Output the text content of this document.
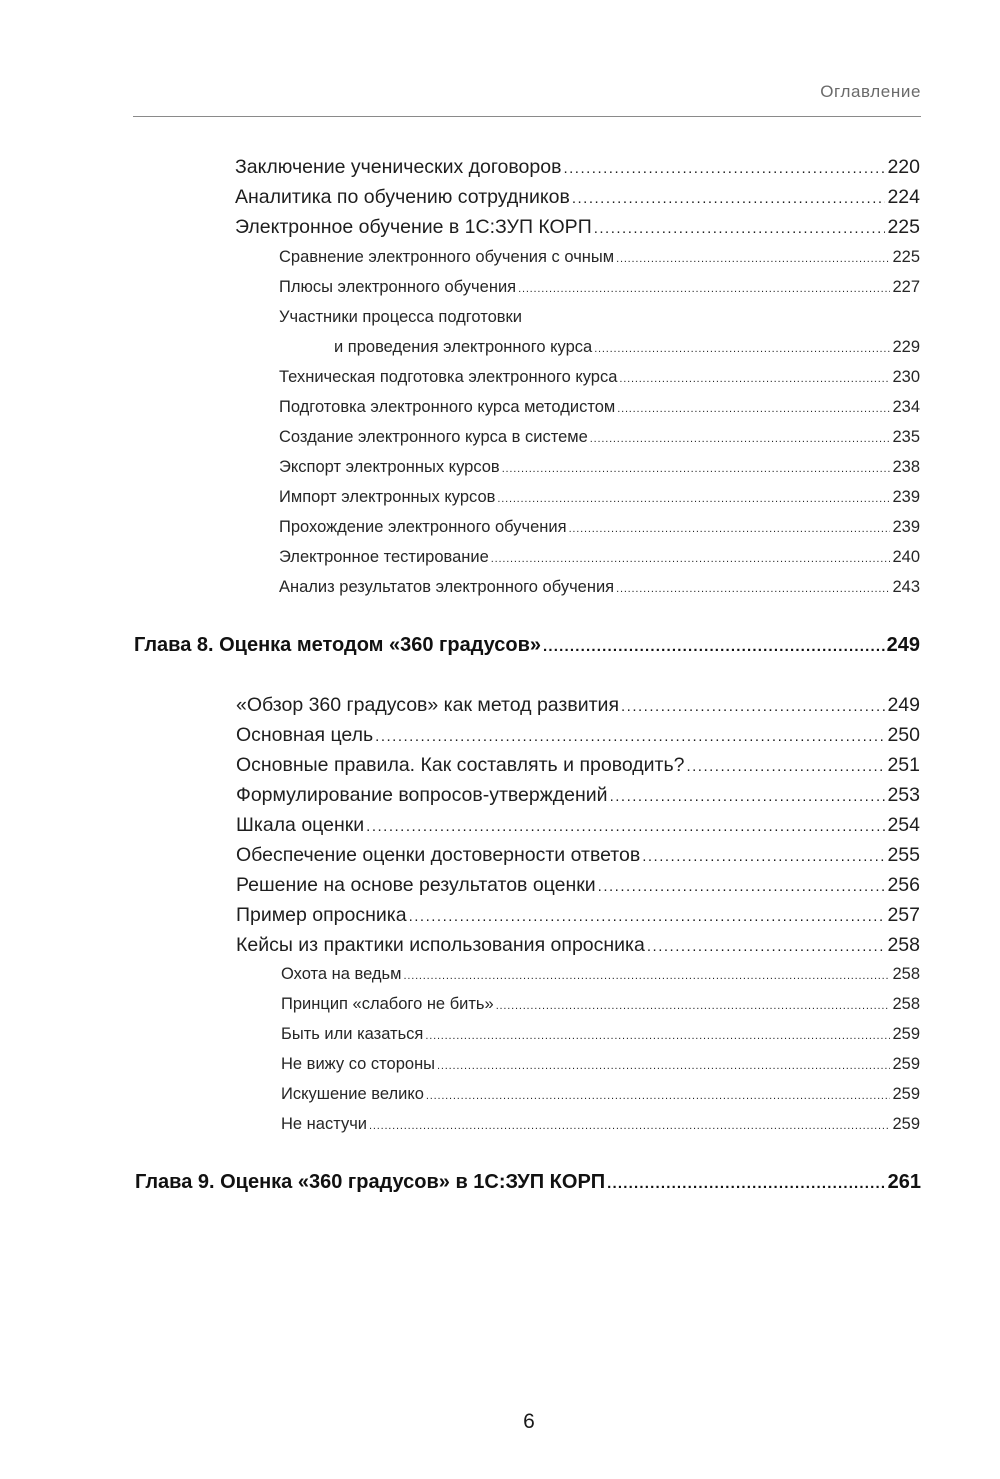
Оглавление
Заключение ученических договоров .....	220
Аналитика по обучению сотрудников .....	224
Электронное обучение в 1С:ЗУП КОРП .....	225
Сравнение электронного обучения с очным .....	225
Плюсы электронного обучения .....	227
Участники процесса подготовки
и проведения электронного курса .....	229
Техническая подготовка электронного курса .....	230
Подготовка электронного курса методистом .....	234
Создание электронного курса в системе .....	235
Экспорт электронных курсов .....	238
Импорт электронных курсов .....	239
Прохождение электронного обучения .....	239
Электронное тестирование .....	240
Анализ результатов электронного обучения .....	243
Глава 8. Оценка методом «360 градусов» .....	249
«Обзор 360 градусов» как метод развития .....	249
Основная цель .....	250
Основные правила. Как составлять и проводить? .....	251
Формулирование вопросов-утверждений .....	253
Шкала оценки .....	254
Обеспечение оценки достоверности ответов .....	255
Решение на основе результатов оценки .....	256
Пример опросника .....	257
Кейсы из практики использования опросника .....	258
Охота на ведьм .....	258
Принцип «слабого не бить» .....	258
Быть или казаться .....	259
Не вижу со стороны .....	259
Искушение велико .....	259
Не настучи .....	259
Глава 9. Оценка «360 градусов» в 1С:ЗУП КОРП .....	261
6
